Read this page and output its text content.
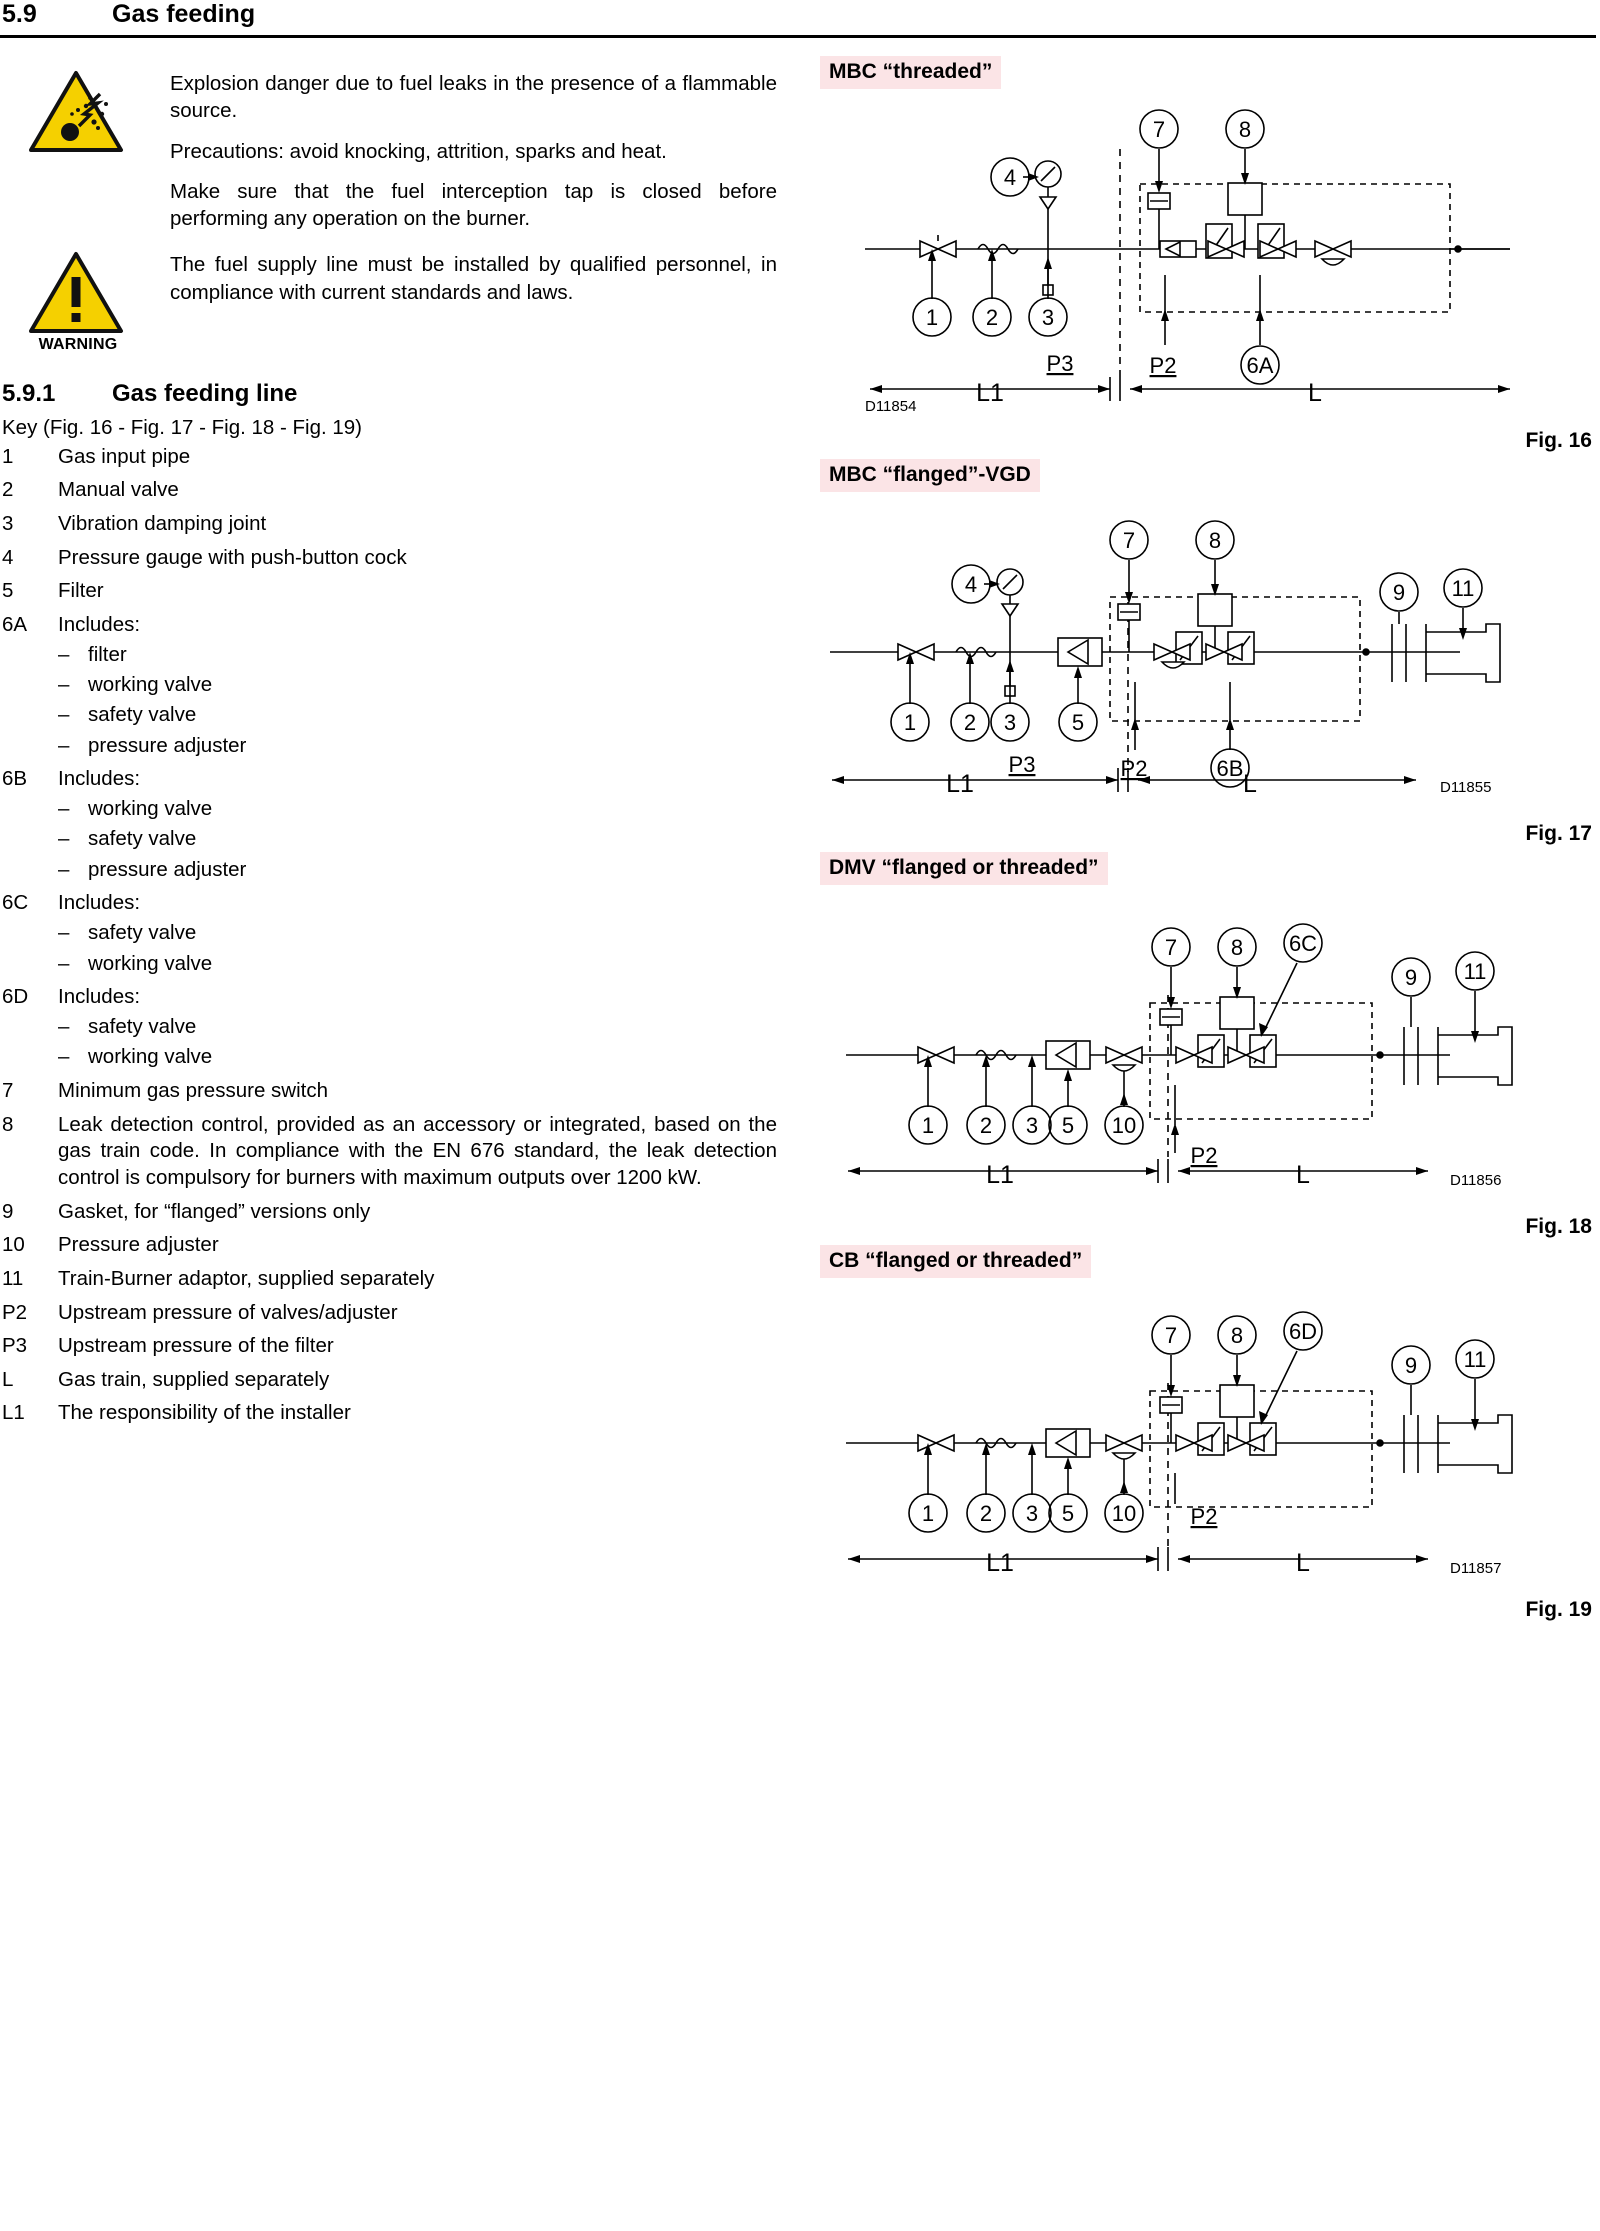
5.9	Gas feeding

Explosion danger due to fuel leaks in the presence of a flammable source.

Precautions: avoid knocking, attrition, sparks and heat.

Make sure that the fuel interception tap is closed before performing any operation on the burner.

WARNING

The fuel supply line must be installed by qualified personnel, in compliance with current standards and laws.

5.9.1	Gas feeding line
Key (Fig. 16 - Fig. 17 - Fig. 18 - Fig. 19)
1	Gas input pipe

2	Manual valve

3	Vibration damping joint

4	Pressure gauge with push-button cock

5	Filter

6A	Includes:
– filter
– working valve
– safety valve
– pressure adjuster

6B	Includes:
– working valve
– safety valve
– pressure adjuster

6C	Includes:
– safety valve
– working valve

6D	Includes:
– safety valve
– working valve

7	Minimum gas pressure switch

8	Leak detection control, provided as an accessory or integrated, based on the gas train code. In compliance with the EN 676 standard, the leak detection control is compulsory for burners with maximum outputs over 1200 kW.

9	Gasket, for “flanged” versions only

10	Pressure adjuster

11	Train-Burner adaptor, supplied separately

P2	Upstream pressure of valves/adjuster

P3	Upstream pressure of the filter

L	Gas train, supplied separately

L1	The responsibility of the installer
MBC “threaded”
1 2 3
4
7	8
6A
P2
P3
L1	L
D11854
Fig. 16
MBC “flanged”-VGD
1 2 3	5
6B
4
7	8
9 11
P2
P3
L1	L	D11855
Fig. 17
DMV “flanged or threaded”
1 2 3 5 10
7 8 6C
9 11
P2
L1	L	D11856
Fig. 18
CB “flanged or threaded”
1 2 3 5 10
7 8 6D
9 11
P2
L1	L	D11857
Fig. 19
